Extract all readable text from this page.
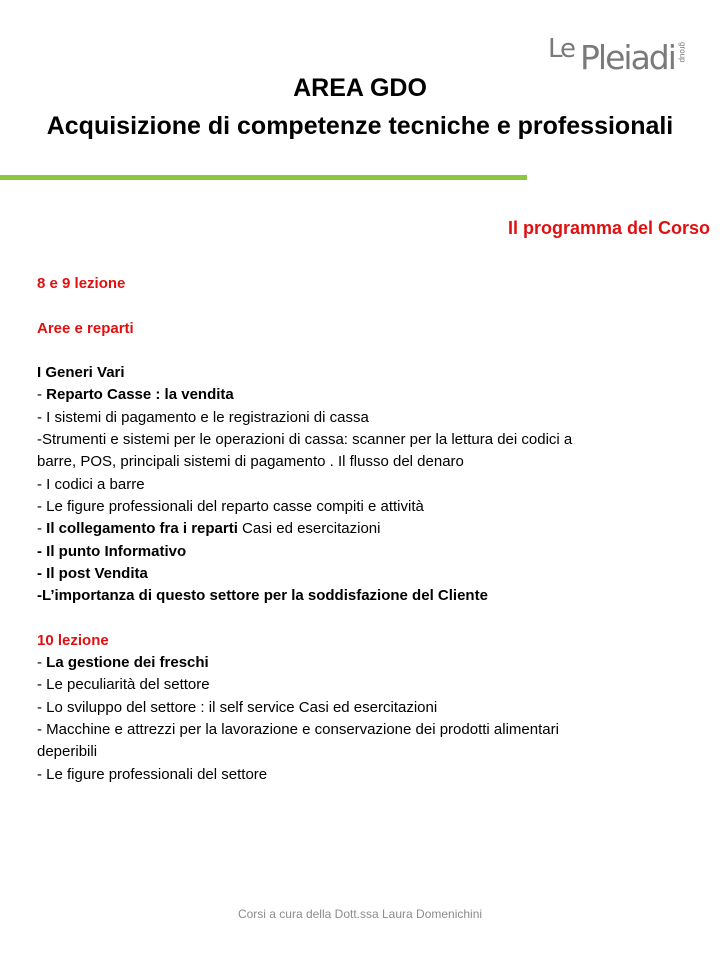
Le Pleiadi group
AREA GDO
Acquisizione di competenze tecniche e professionali
Il programma del Corso

8 e 9 lezione

Aree e reparti

I Generi Vari

- Reparto Casse : la vendita

- I sistemi di pagamento e le registrazioni di cassa

-Strumenti e sistemi per le operazioni di cassa: scanner per la lettura dei codici a

barre, POS, principali sistemi di pagamento . Il flusso del denaro

- I codici a barre

- Le figure professionali del reparto casse compiti e attività

- Il collegamento fra i reparti Casi ed esercitazioni

- Il punto Informativo

- Il post Vendita

-L’importanza di questo settore per la soddisfazione del Cliente

10 lezione

- La gestione dei freschi

- Le peculiarità del settore

- Lo sviluppo del settore : il self service Casi ed esercitazioni

- Macchine e attrezzi per la lavorazione e conservazione dei prodotti alimentari

deperibili

- Le figure professionali del settore

Corsi a cura della Dott.ssa Laura Domenichini
